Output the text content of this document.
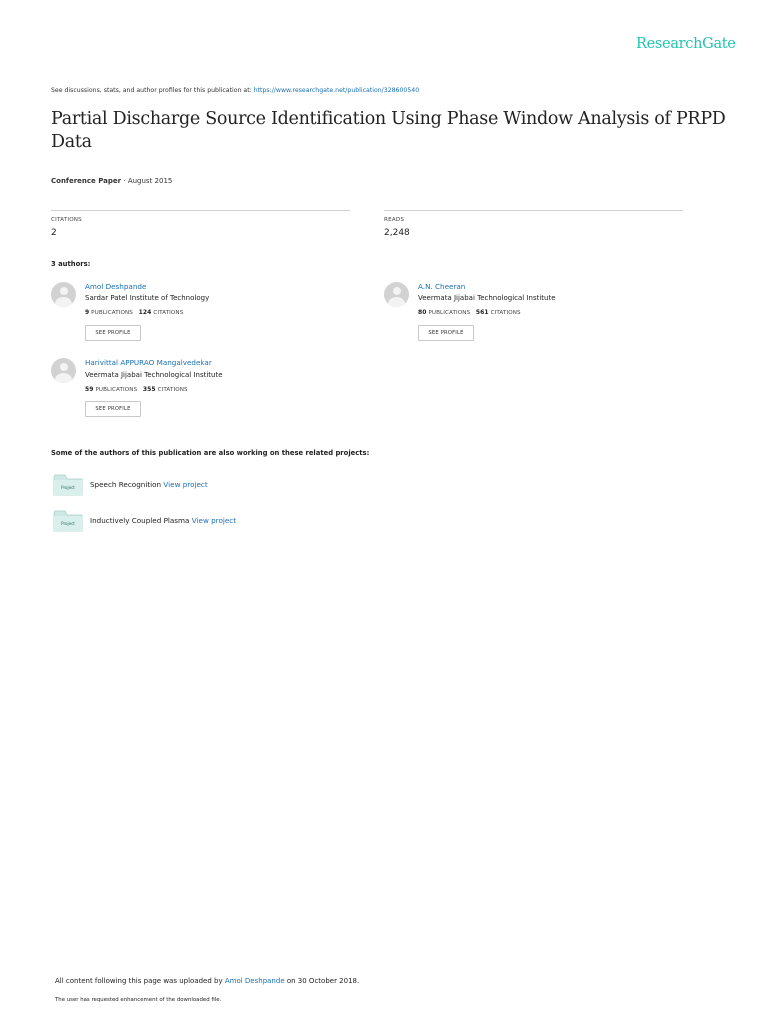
ResearchGate
See discussions, stats, and author profiles for this publication at: https://www.researchgate.net/publication/328600540
Partial Discharge Source Identification Using Phase Window Analysis of PRPD Data
Conference Paper · August 2015
CITATIONS
2
READS
2,248
3 authors:
Amol Deshpande
Sardar Patel Institute of Technology
9 PUBLICATIONS 124 CITATIONS
SEE PROFILE
A.N. Cheeran
Veermata Jijabai Technological Institute
80 PUBLICATIONS 561 CITATIONS
SEE PROFILE
Harivittal APPURAO Mangalvedekar
Veermata Jijabai Technological Institute
59 PUBLICATIONS 355 CITATIONS
SEE PROFILE
Some of the authors of this publication are also working on these related projects:
Project Speech Recognition View project
Project Inductively Coupled Plasma View project
All content following this page was uploaded by Amol Deshpande on 30 October 2018.
The user has requested enhancement of the downloaded file.
